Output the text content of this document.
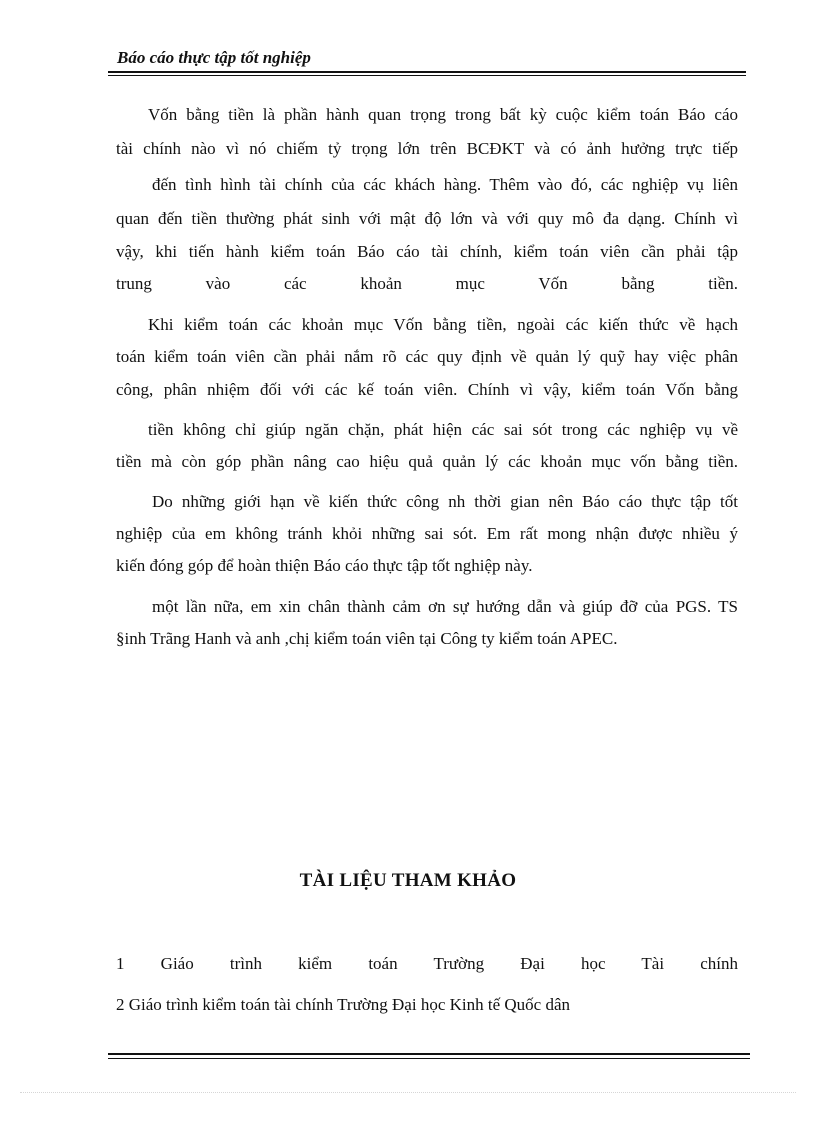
Báo cáo thực tập tốt nghiệp
Vốn bằng tiền là phần hành quan trọng trong bất kỳ cuộc kiểm toán Báo cáo
tài chính nào vì nó chiếm tỷ trọng lớn trên BCĐKT và có ảnh hưởng trực tiếp
đến tình hình tài chính của các khách hàng. Thêm vào đó, các nghiệp vụ liên
quan đến tiền thường phát sinh với mật độ lớn và với quy mô đa dạng. Chính vì
vậy, khi tiến hành kiểm toán Báo cáo tài chính, kiểm toán viên cần phải tập
trung vào các khoản mục Vốn bằng tiền.
Khi kiểm toán các khoản mục Vốn bằng tiền, ngoài các kiến thức về hạch
toán kiểm toán viên cần phải nắm rõ các quy định về quản lý quỹ hay việc phân
công, phân nhiệm đối với các kế toán viên. Chính vì vậy, kiểm toán Vốn bằng
tiền không chỉ giúp ngăn chặn, phát hiện các sai sót trong các nghiệp vụ về
tiền mà còn góp phần nâng cao hiệu quả quản lý các khoản mục vốn bằng tiền.
Do những giới hạn về kiến thức công nh thời gian nên Báo cáo thực tập tốt
nghiệp của em không tránh khỏi những sai sót. Em rất mong nhận được nhiều ý
kiến đóng góp để hoàn thiện Báo cáo thực tập tốt nghiệp này.
một lần nữa, em xin chân thành cảm ơn sự hướng dẫn và giúp đỡ của PGS. TS
§inh Trãng Hanh và anh ,chị kiểm toán viên tại Công ty kiểm toán APEC.
1 Giáo trình kiểm toán Trường Đại học Tài chính
2 Giáo trình kiểm toán tài chính Trường Đại học Kinh tế Quốc dân
TÀI LIỆU THAM KHẢO
